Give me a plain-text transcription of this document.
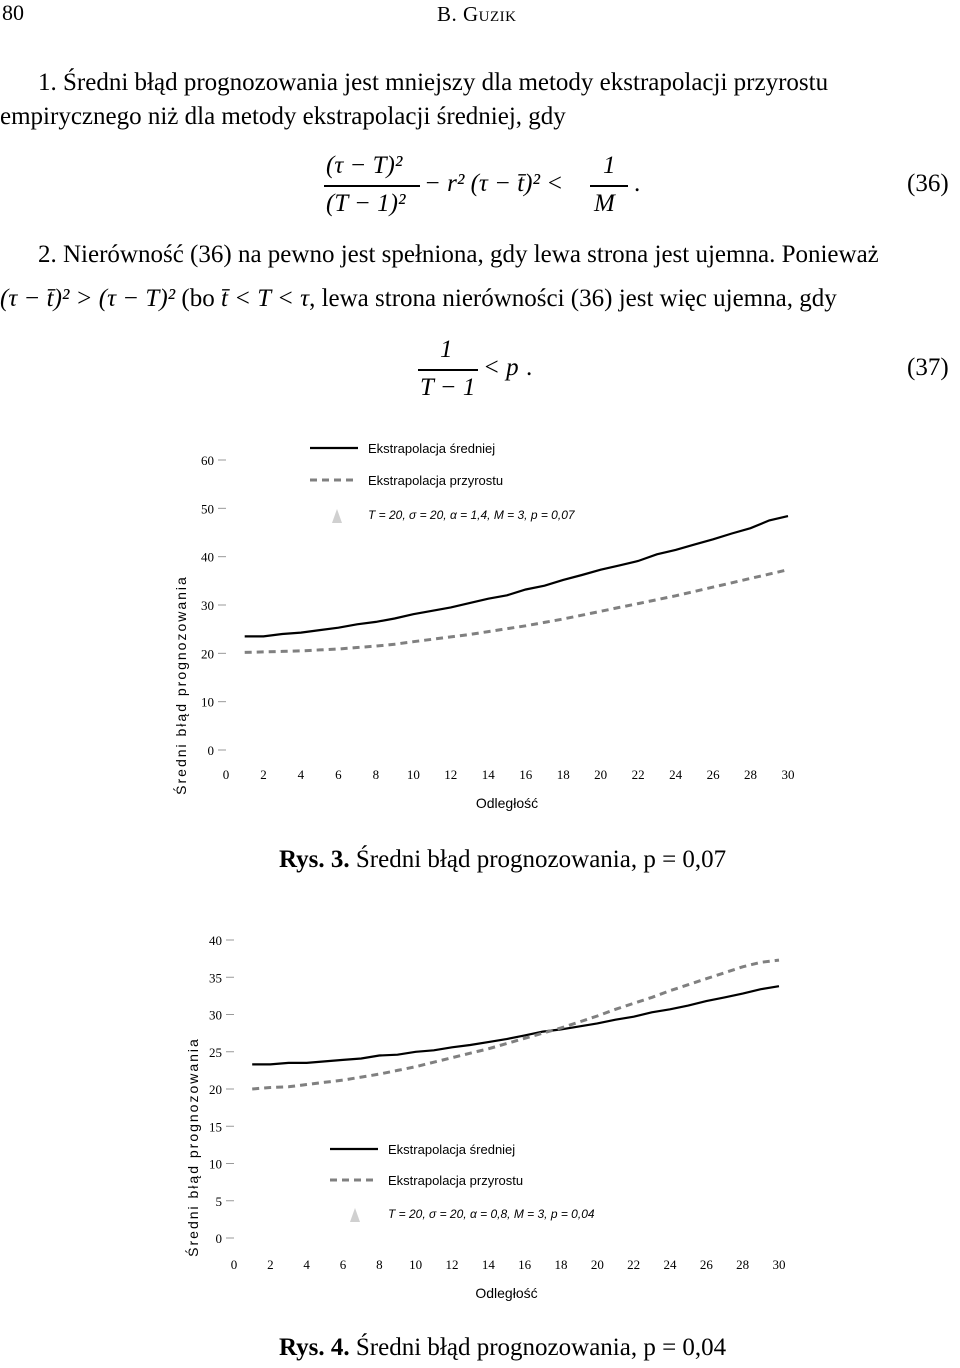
80	B. Guzik
1. Średni błąd prognozowania jest mniejszy dla metody ekstrapolacji przyrostu
empirycznego niż dla metody ekstrapolacji średniej, gdy
(τ − T)²
(T − 1)²
− r² (τ − t̄)² <
1
M
.	(36)
2. Nierówność (36) na pewno jest spełniona, gdy lewa strona jest ujemna. Ponieważ
(τ − t̄)² > (τ − T)² (bo t̄ < T < τ, lewa strona nierówności (36) jest więc ujemna, gdy
1
T − 1
< p .	(37)
0
10
20
30
40
50
60
0 2 4 6 8 10 12 14 16 18 20 22 24 26 28 30
Odległość
Średni błąd prognozowania
Ekstrapolacja średniej
Ekstrapolacja przyrostu
T = 20, σ = 20, α = 1,4, M = 3, p = 0,07
Rys. 3. Średni błąd prognozowania, p = 0,07
0
5
10
15
20
25
30
35
40
0 2 4 6 8 10 12 14 16 18 20 22 24 26 28 30
Odległość
Średni błąd prognozowania	Ekstrapolacja średniej
Ekstrapolacja przyrostu
T = 20, σ = 20, α = 0,8, M = 3, p = 0,04
Rys. 4. Średni błąd prognozowania, p = 0,04
